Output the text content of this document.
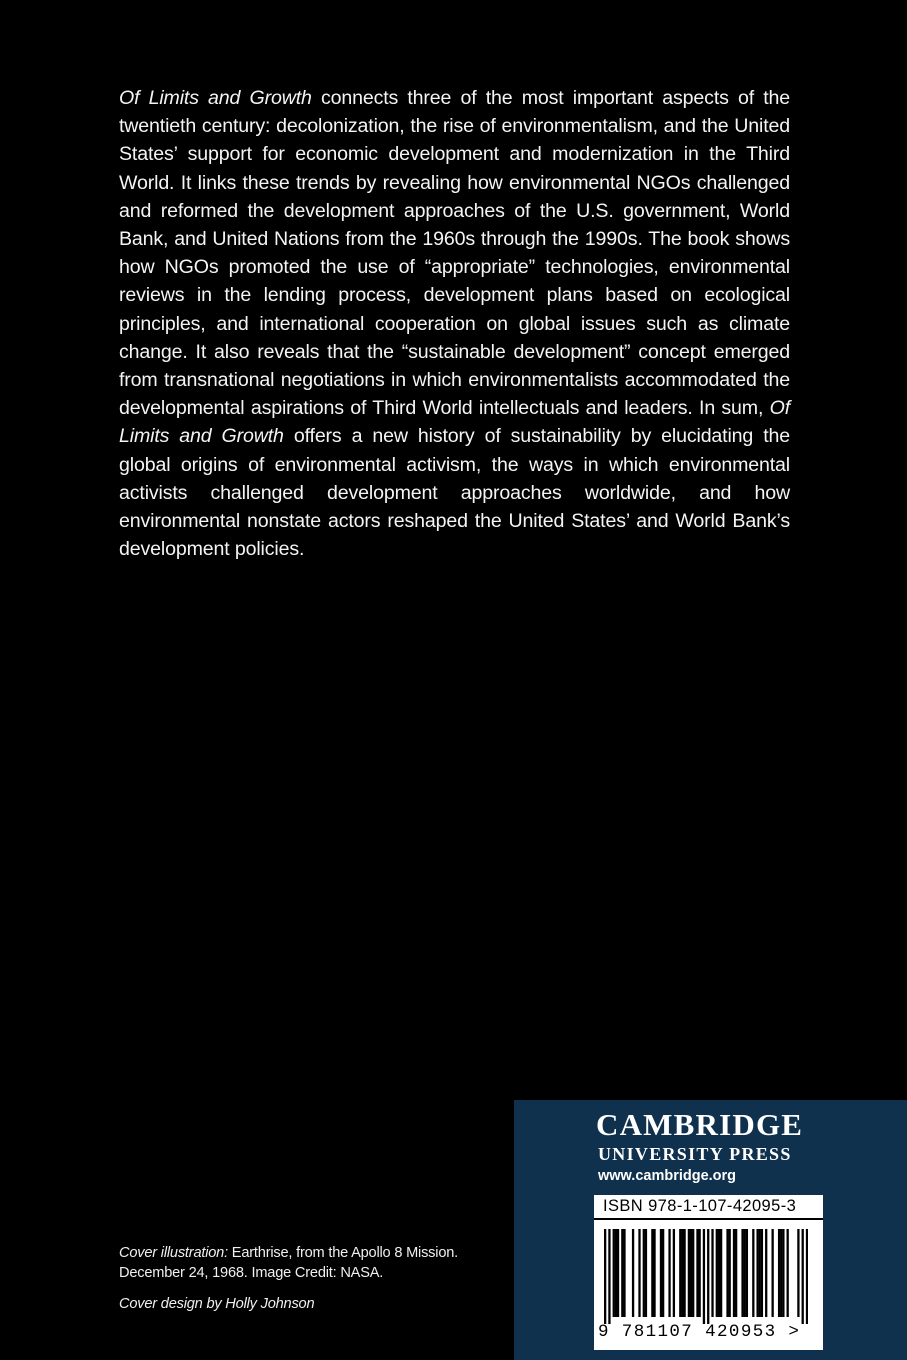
Of Limits and Growth connects three of the most important aspects of the twentieth century: decolonization, the rise of environmentalism, and the United States’ support for economic development and modernization in the Third World. It links these trends by revealing how environmental NGOs challenged and reformed the development approaches of the U.S. government, World Bank, and United Nations from the 1960s through the 1990s. The book shows how NGOs promoted the use of “appropriate” technologies, environmental reviews in the lending process, development plans based on ecological principles, and international cooperation on global issues such as climate change. It also reveals that the “sustainable development” concept emerged from transnational negotiations in which environmentalists accommodated the developmental aspirations of Third World intellectuals and leaders. In sum, Of Limits and Growth offers a new history of sustainability by elucidating the global origins of environmental activism, the ways in which environmental activists challenged development approaches worldwide, and how environmental nonstate actors reshaped the United States’ and World Bank’s development policies.
Cover illustration: Earthrise, from the Apollo 8 Mission. December 24, 1968. Image Credit: NASA.
Cover design by Holly Johnson
CAMBRIDGE
UNIVERSITY PRESS
www.cambridge.org
ISBN 978-1-107-42095-3
9 781107 420953 >
